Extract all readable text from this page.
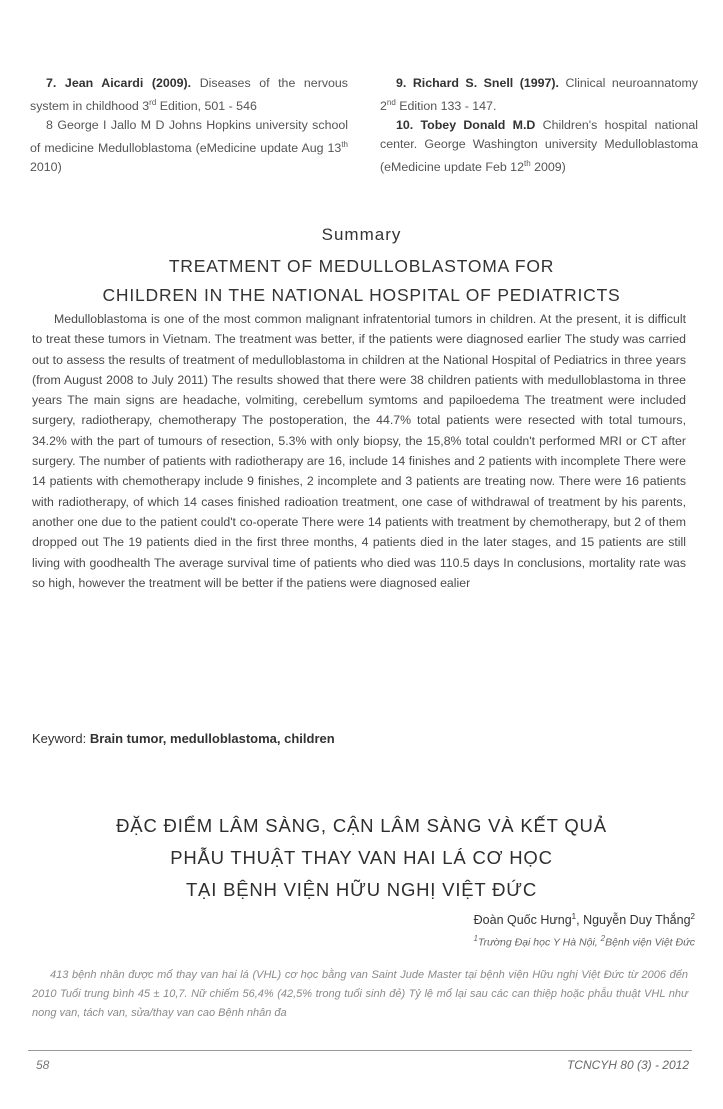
7. Jean Aicardi (2009). Diseases of the nervous system in childhood 3rd Edition, 501 - 546

8 George I Jallo M D Johns Hopkins university school of medicine Medulloblastoma (eMedicine update Aug 13th 2010)

9. Richard S. Snell (1997). Clinical neuroannatomy 2nd Edition 133 - 147.

10. Tobey Donald M.D Children's hospital national center. George Washington university Medulloblastoma (eMedicine update Feb 12th 2009)

Summary
TREATMENT OF MEDULLOBLASTOMA FOR
CHILDREN IN THE NATIONAL HOSPITAL OF PEDIATRICTS

Medulloblastoma is one of the most common malignant infratentorial tumors in children. At the present, it is difficult to treat these tumors in Vietnam. The treatment was better, if the patients were diagnosed earlier The study was carried out to assess the results of treatment of medulloblastoma in children at the National Hospital of Pediatrics in three years (from August 2008 to July 2011) The results showed that there were 38 children patients with medulloblastoma in three years The main signs are headache, volmiting, cerebellum symtoms and papiloedema The treatment were included surgery, radiotherapy, chemotherapy The postoperation, the 44.7% total patients were resected with total tumours, 34.2% with the part of tumours of resection, 5.3% with only biopsy, the 15,8% total couldn't performed MRI or CT after surgery. The number of patients with radiotherapy are 16, include 14 finishes and 2 patients with incomplete There were 14 patients with chemotherapy include 9 finishes, 2 incomplete and 3 patients are treating now. There were 16 patients with radiotherapy, of which 14 cases finished radioation treatment, one case of withdrawal of treatment by his parents, another one due to the patient could't co-operate There were 14 patients with treatment by chemotherapy, but 2 of them dropped out The 19 patients died in the first three months, 4 patients died in the later stages, and 15 patients are still living with goodhealth The average survival time of patients who died was 110.5 days In conclusions, mortality rate was so high, however the treatment will be better if the patiens were diagnosed ealier

Keyword: Brain tumor, medulloblastoma, children
ĐẶC ĐIỂM LÂM SÀNG, CẬN LÂM SÀNG VÀ KẾT QUẢ
PHẪU THUẬT THAY VAN HAI LÁ CƠ HỌC
TẠI BỆNH VIỆN HỮU NGHỊ VIỆT ĐỨC
Đoàn Quốc Hưng$^1$, Nguyễn Duy Thắng$^2$
$^1$Trường Đại học Y Hà Nội, $^2$Bệnh viện Việt Đức

413 bệnh nhân được mổ thay van hai lá (VHL) cơ học bằng van Saint Jude Master tại bệnh viện Hữu nghị Việt Đức từ 2006 đến 2010 Tuổi trung bình 45 ± 10,7. Nữ chiếm 56,4% (42,5% trong tuổi sinh đẻ) Tỷ lệ mổ lại sau các can thiệp hoặc phẫu thuật VHL như nong van, tách van, sửa/thay van cao Bệnh nhân đa

58	TCNCYH 80 (3) - 2012
